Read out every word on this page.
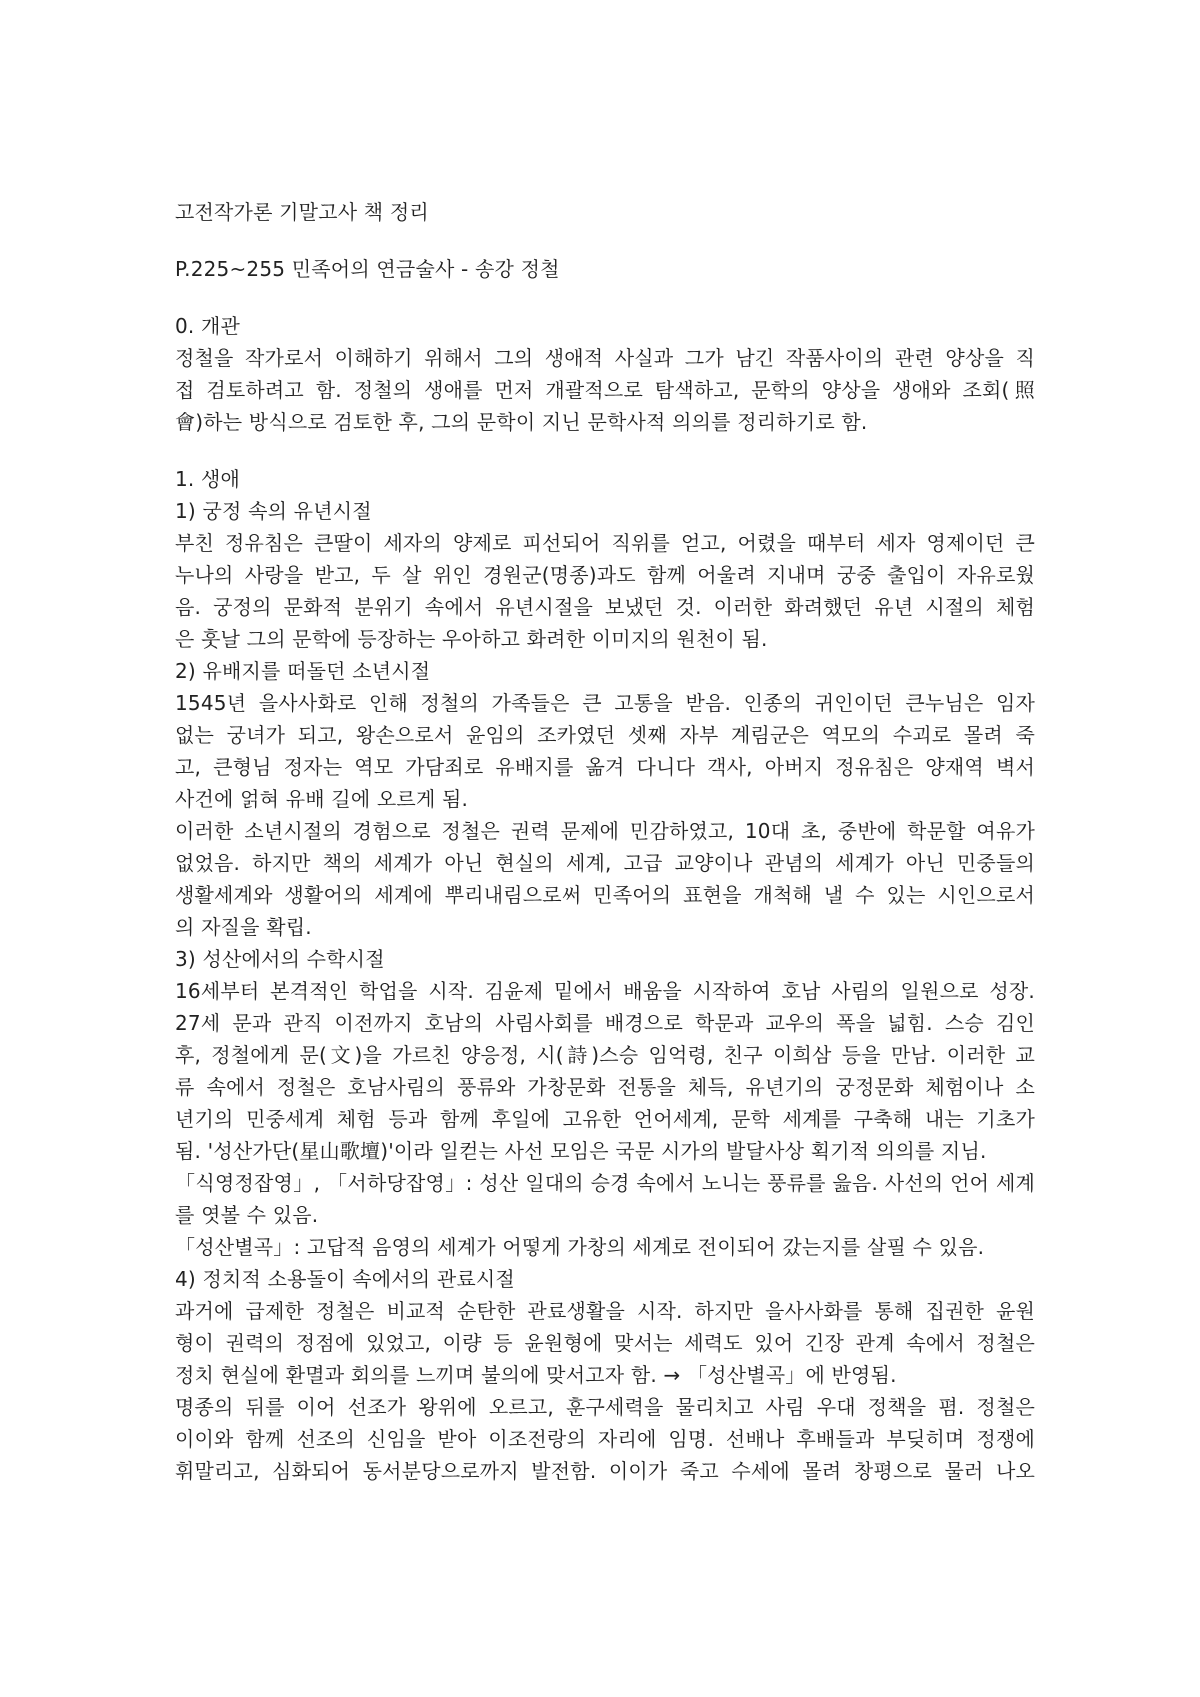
고전작가론 기말고사 책 정리
P.225~255 민족어의 연금술사 - 송강 정철
0. 개관
정철을 작가로서 이해하기 위해서 그의 생애적 사실과 그가 남긴 작품사이의 관련 양상을 직
접 검토하려고 함. 정철의 생애를 먼저 개괄적으로 탐색하고, 문학의 양상을 생애와 조회(照
會)하는 방식으로 검토한 후, 그의 문학이 지닌 문학사적 의의를 정리하기로 함.
1. 생애
1) 궁정 속의 유년시절
부친 정유침은 큰딸이 세자의 양제로 피선되어 직위를 얻고, 어렸을 때부터 세자 영제이던 큰
누나의 사랑을 받고, 두 살 위인 경원군(명종)과도 함께 어울려 지내며 궁중 출입이 자유로웠
음. 궁정의 문화적 분위기 속에서 유년시절을 보냈던 것. 이러한 화려했던 유년 시절의 체험
은 훗날 그의 문학에 등장하는 우아하고 화려한 이미지의 원천이 됨.
2) 유배지를 떠돌던 소년시절
1545년 을사사화로 인해 정철의 가족들은 큰 고통을 받음. 인종의 귀인이던 큰누님은 임자
없는 궁녀가 되고, 왕손으로서 윤임의 조카였던 셋째 자부 계림군은 역모의 수괴로 몰려 죽
고, 큰형님 정자는 역모 가담죄로 유배지를 옮겨 다니다 객사, 아버지 정유침은 양재역 벽서
사건에 얽혀 유배 길에 오르게 됨.
이러한 소년시절의 경험으로 정철은 권력 문제에 민감하였고, 10대 초, 중반에 학문할 여유가
없었음. 하지만 책의 세계가 아닌 현실의 세계, 고급 교양이나 관념의 세계가 아닌 민중들의
생활세계와 생활어의 세계에 뿌리내림으로써 민족어의 표현을 개척해 낼 수 있는 시인으로서
의 자질을 확립.
3) 성산에서의 수학시절
16세부터 본격적인 학업을 시작. 김윤제 밑에서 배움을 시작하여 호남 사림의 일원으로 성장.
27세 문과 관직 이전까지 호남의 사림사회를 배경으로 학문과 교우의 폭을 넓힘. 스승 김인
후, 정철에게 문(文)을 가르친 양응정, 시(詩)스승 임억령, 친구 이희삼 등을 만남. 이러한 교
류 속에서 정철은 호남사림의 풍류와 가창문화 전통을 체득, 유년기의 궁정문화 체험이나 소
년기의 민중세계 체험 등과 함께 후일에 고유한 언어세계, 문학 세계를 구축해 내는 기초가
됨. '성산가단(星山歌壇)'이라 일컫는 사선 모임은 국문 시가의 발달사상 획기적 의의를 지님.
「식영정잡영」, 「서하당잡영」: 성산 일대의 승경 속에서 노니는 풍류를 읊음. 사선의 언어 세계
를 엿볼 수 있음.
「성산별곡」: 고답적 음영의 세계가 어떻게 가창의 세계로 전이되어 갔는지를 살필 수 있음.
4) 정치적 소용돌이 속에서의 관료시절
과거에 급제한 정철은 비교적 순탄한 관료생활을 시작. 하지만 을사사화를 통해 집권한 윤원
형이 권력의 정점에 있었고, 이량 등 윤원형에 맞서는 세력도 있어 긴장 관계 속에서 정철은
정치 현실에 환멸과 회의를 느끼며 불의에 맞서고자 함. → 「성산별곡」에 반영됨.
명종의 뒤를 이어 선조가 왕위에 오르고, 훈구세력을 물리치고 사림 우대 정책을 폄. 정철은
이이와 함께 선조의 신임을 받아 이조전랑의 자리에 임명. 선배나 후배들과 부딪히며 정쟁에
휘말리고, 심화되어 동서분당으로까지 발전함. 이이가 죽고 수세에 몰려 창평으로 물러 나오
